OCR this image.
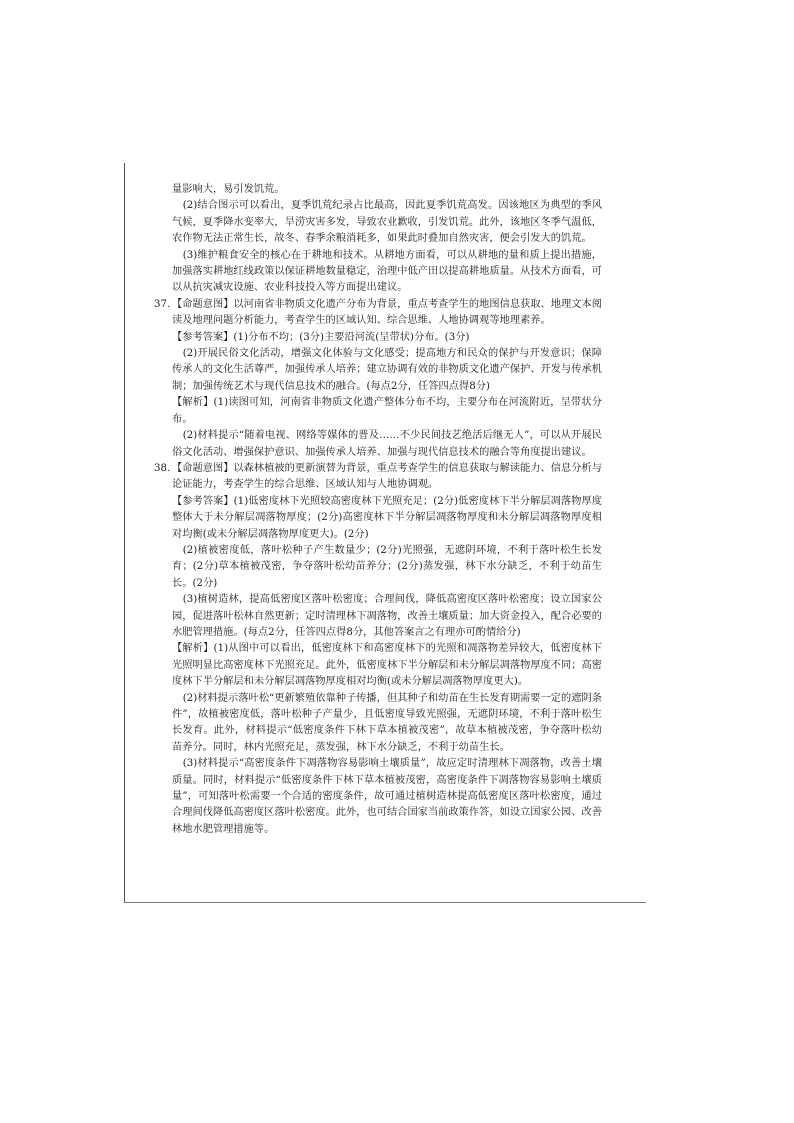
量影响大，易引发饥荒。
(2)结合图示可以看出，夏季饥荒纪录占比最高，因此夏季饥荒高发。因该地区为典型的季风气候，夏季降水变率大，旱涝灾害多发，导致农业歉收，引发饥荒。此外，该地区冬季气温低，农作物无法正常生长，故冬、春季余粮消耗多，如果此时叠加自然灾害，便会引发大的饥荒。
(3)维护粮食安全的核心在于耕地和技术。从耕地方面看，可以从耕地的量和质上提出措施，加强落实耕地红线政策以保证耕地数量稳定，治理中低产田以提高耕地质量。从技术方面看，可以从抗灾减灾设施、农业科技投入等方面提出建议。
37. 【命题意图】以河南省非物质文化遗产分布为背景，重点考查学生的地图信息获取、地理文本阅读及地理问题分析能力，考查学生的区域认知、综合思维、人地协调观等地理素养。
【参考答案】(1)分布不均；(3分)主要沿河流(呈带状)分布。(3分)
(2)开展民俗文化活动，增强文化体验与文化感受；提高地方和民众的保护与开发意识；保障传承人的文化生活尊严，加强传承人培养；建立协调有效的非物质文化遗产保护、开发与传承机制；加强传统艺术与现代信息技术的融合。(每点2分，任答四点得8分)
【解析】(1)读图可知，河南省非物质文化遗产整体分布不均，主要分布在河流附近，呈带状分布。
(2)材料提示“随着电视、网络等媒体的普及……不少民间技艺绝活后继无人”，可以从开展民俗文化活动、增强保护意识、加强传承人培养、加强与现代信息技术的融合等角度提出建议。
38. 【命题意图】以森林植被的更新演替为背景，重点考查学生的信息获取与解读能力、信息分析与论证能力，考查学生的综合思维、区域认知与人地协调观。
【参考答案】(1)低密度林下光照较高密度林下光照充足；(2分)低密度林下半分解层凋落物厚度整体大于未分解层凋落物厚度；(2分)高密度林下半分解层凋落物厚度和未分解层凋落物厚度相对均衡(或未分解层凋落物厚度更大)。(2分)
(2)植被密度低，落叶松种子产生数量少；(2分)光照强，无遮阴环境，不利于落叶松生长发育；(2分)草本植被茂密，争夺落叶松幼苗养分；(2分)蒸发强，林下水分缺乏，不利于幼苗生长。(2分)
(3)植树造林，提高低密度区落叶松密度；合理间伐，降低高密度区落叶松密度；设立国家公园，促进落叶松林自然更新；定时清理林下凋落物，改善土壤质量；加大资金投入，配合必要的水肥管理措施。(每点2分，任答四点得8分，其他答案言之有理亦可酌情给分)
【解析】(1)从图中可以看出，低密度林下和高密度林下的光照和凋落物差异较大，低密度林下光照明显比高密度林下光照充足。此外，低密度林下半分解层和未分解层凋落物厚度不同；高密度林下半分解层和未分解层凋落物厚度相对均衡(或未分解层凋落物厚度更大)。
(2)材料提示落叶松“更新繁殖依靠种子传播，但其种子和幼苗在生长发育期需要一定的遮阴条件”，故植被密度低，落叶松种子产量少，且低密度导致光照强，无遮阴环境，不利于落叶松生长发育。此外，材料提示“低密度条件下林下草本植被茂密”，故草本植被茂密，争夺落叶松幼苗养分。同时，林内光照充足，蒸发强，林下水分缺乏，不利于幼苗生长。
(3)材料提示“高密度条件下凋落物容易影响土壤质量”，故应定时清理林下凋落物，改善土壤质量。同时，材料提示“低密度条件下林下草本植被茂密，高密度条件下凋落物容易影响土壤质量”，可知落叶松需要一个合适的密度条件，故可通过植树造林提高低密度区落叶松密度，通过合理间伐降低高密度区落叶松密度。此外，也可结合国家当前政策作答，如设立国家公园、改善林地水肥管理措施等。
